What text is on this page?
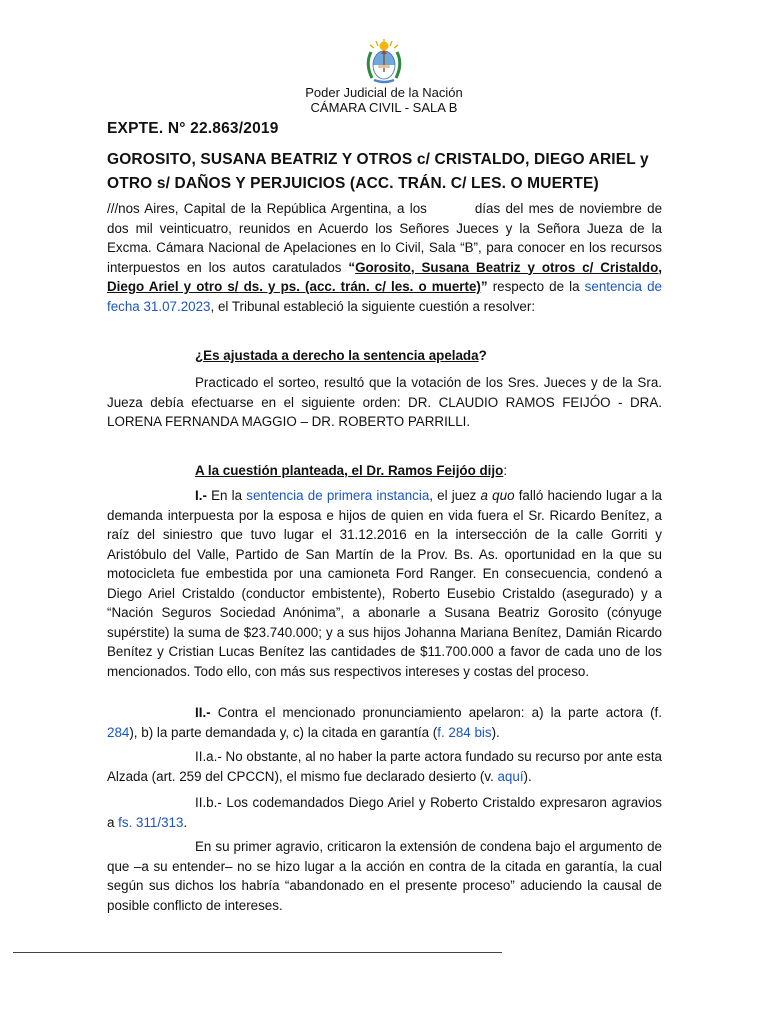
Poder Judicial de la Nación
CÁMARA CIVIL - SALA B
EXPTE. N° 22.863/2019
GOROSITO, SUSANA BEATRIZ Y OTROS c/ CRISTALDO, DIEGO ARIEL y OTRO s/ DAÑOS Y PERJUICIOS (ACC. TRÁN. C/ LES. O MUERTE)

///nos Aires, Capital de la República Argentina, a los	días del mes de noviembre de dos mil veinticuatro, reunidos en Acuerdo los Señores Jueces y la Señora Jueza de la Excma. Cámara Nacional de Apelaciones en lo Civil, Sala “B”, para conocer en los recursos interpuestos en los autos caratulados “Gorosito, Susana Beatriz y otros c/ Cristaldo, Diego Ariel y otro s/ ds. y ps. (acc. trán. c/ les. o muerte)” respecto de la sentencia de fecha 31.07.2023, el Tribunal estableció la siguiente cuestión a resolver:

¿Es ajustada a derecho la sentencia apelada?

Practicado el sorteo, resultó que la votación de los Sres. Jueces y de la Sra. Jueza debía efectuarse en el siguiente orden: DR. CLAUDIO RAMOS FEIJÓO - DRA. LORENA FERNANDA MAGGIO – DR. ROBERTO PARRILLI.

A la cuestión planteada, el Dr. Ramos Feijóo dijo:

I.- En la sentencia de primera instancia, el juez a quo falló haciendo lugar a la demanda interpuesta por la esposa e hijos de quien en vida fuera el Sr. Ricardo Benítez, a raíz del siniestro que tuvo lugar el 31.12.2016 en la intersección de la calle Gorriti y Aristóbulo del Valle, Partido de San Martín de la Prov. Bs. As. oportunidad en la que su motocicleta fue embestida por una camioneta Ford Ranger. En consecuencia, condenó a Diego Ariel Cristaldo (conductor embistente), Roberto Eusebio Cristaldo (asegurado) y a “Nación Seguros Sociedad Anónima”, a abonarle a Susana Beatriz Gorosito (cónyuge supérstite) la suma de $23.740.000; y a sus hijos Johanna Mariana Benítez, Damián Ricardo Benítez y Cristian Lucas Benítez las cantidades de $11.700.000 a favor de cada uno de los mencionados. Todo ello, con más sus respectivos intereses y costas del proceso.

II.- Contra el mencionado pronunciamiento apelaron: a) la parte actora (f. 284), b) la parte demandada y, c) la citada en garantía (f. 284 bis).

II.a.- No obstante, al no haber la parte actora fundado su recurso por ante esta Alzada (art. 259 del CPCCN), el mismo fue declarado desierto (v. aquí).

II.b.- Los codemandados Diego Ariel y Roberto Cristaldo expresaron agravios a fs. 311/313.

En su primer agravio, criticaron la extensión de condena bajo el argumento de que –a su entender– no se hizo lugar a la acción en contra de la citada en garantía, la cual según sus dichos los habría “abandonado en el presente proceso” aduciendo la causal de posible conflicto de intereses.
